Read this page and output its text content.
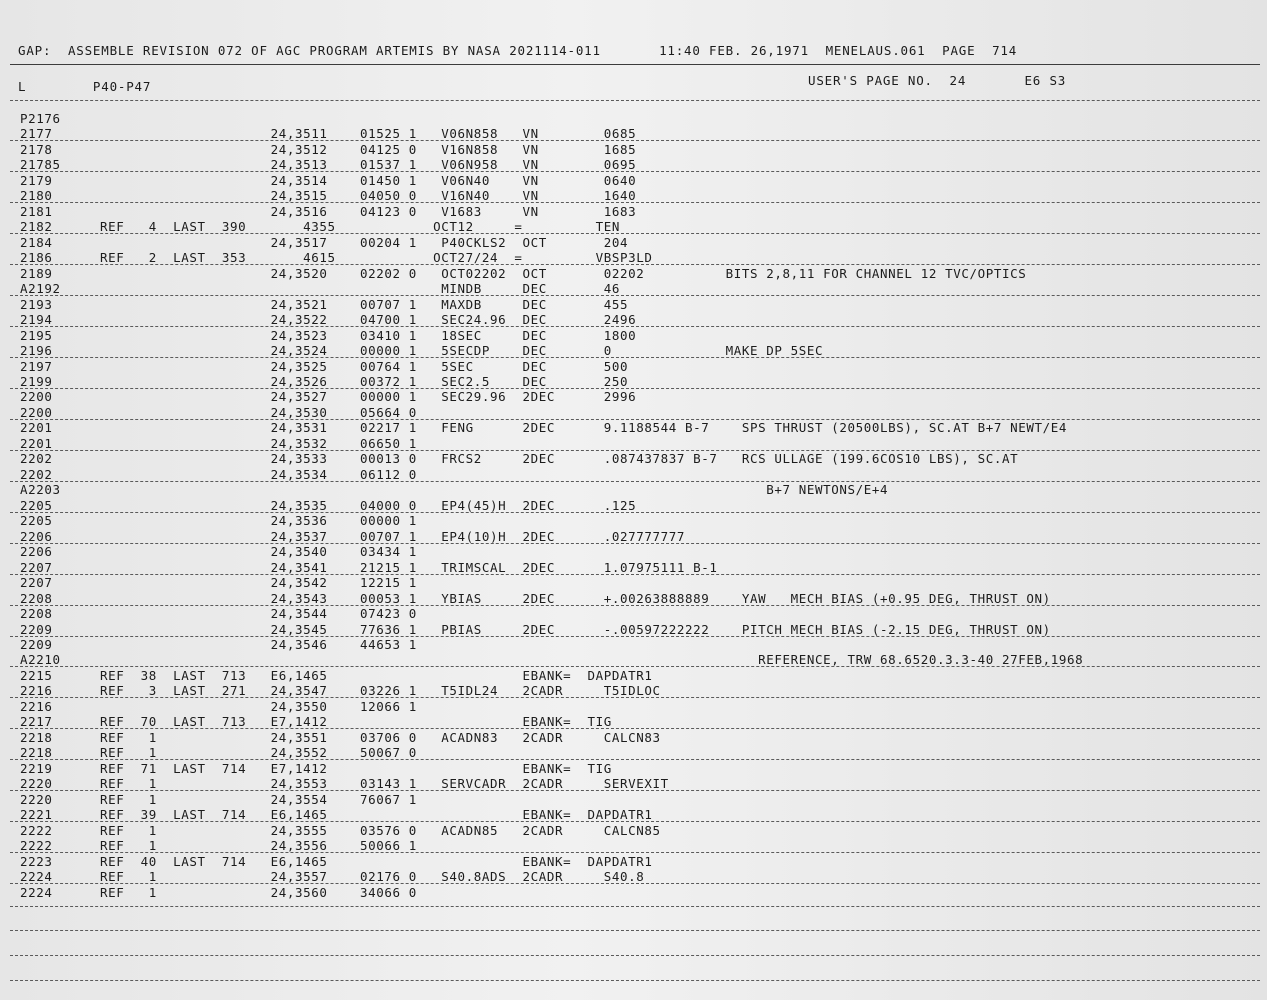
GAP:  ASSEMBLE REVISION 072 OF AGC PROGRAM ARTEMIS BY NASA 2021114-011       11:40 FEB. 26,1971  MENELAUS.061  PAGE  714
L        P40-P47	USER'S PAGE NO.  24       E6 S3
P2176
2177	24,3511    01525 1   V06N858   VN        0685
2178	24,3512    04125 0   V16N858   VN        1685
21785	24,3513    01537 1   V06N958   VN        0695
2179	24,3514    01450 1   V06N40    VN        0640
2180	24,3515    04050 0   V16N40    VN        1640
2181	24,3516    04123 0   V1683     VN        1683
2182	REF   4  LAST  390       4355            OCT12     =         TEN
2184	24,3517    00204 1   P40CKLS2  OCT       204
2186	REF   2  LAST  353       4615            OCT27/24  =         VBSP3LD
2189	24,3520    02202 0   OCT02202  OCT       02202          BITS 2,8,11 FOR CHANNEL 12 TVC/OPTICS
A2192	MINDB     DEC       46
2193	24,3521    00707 1   MAXDB     DEC       455
2194	24,3522    04700 1   SEC24.96  DEC       2496
2195	24,3523    03410 1   18SEC     DEC       1800
2196	24,3524    00000 1   5SECDP    DEC       0              MAKE DP 5SEC
2197	24,3525    00764 1   5SEC      DEC       500
2199	24,3526    00372 1   SEC2.5    DEC       250
2200	24,3527    00000 1   SEC29.96  2DEC      2996
2200	24,3530    05664 0
2201	24,3531    02217 1   FENG      2DEC      9.1188544 B-7    SPS THRUST (20500LBS), SC.AT B+7 NEWT/E4
2201	24,3532    06650 1
2202	24,3533    00013 0   FRCS2     2DEC      .087437837 B-7   RCS ULLAGE (199.6COS10 LBS), SC.AT
2202	24,3534    06112 0
A2203	B+7 NEWTONS/E+4
2205	24,3535    04000 0   EP4(45)H  2DEC      .125
2205	24,3536    00000 1
2206	24,3537    00707 1   EP4(10)H  2DEC      .027777777
2206	24,3540    03434 1
2207	24,3541    21215 1   TRIMSCAL  2DEC      1.07975111 B-1
2207	24,3542    12215 1
2208	24,3543    00053 1   YBIAS     2DEC      +.00263888889    YAW   MECH BIAS (+0.95 DEG, THRUST ON)
2208	24,3544    07423 0
2209	24,3545    77636 1   PBIAS     2DEC      -.00597222222    PITCH MECH BIAS (-2.15 DEG, THRUST ON)
2209	24,3546    44653 1
A2210	REFERENCE, TRW 68.6520.3.3-40 27FEB,1968
2215	REF  38  LAST  713   E6,1465                        EBANK=  DAPDATR1
2216	REF   3  LAST  271   24,3547    03226 1   T5IDL24   2CADR     T5IDLOC
2216	24,3550    12066 1
2217	REF  70  LAST  713   E7,1412                        EBANK=  TIG
2218	REF   1              24,3551    03706 0   ACADN83   2CADR     CALCN83
2218	REF   1              24,3552    50067 0
2219	REF  71  LAST  714   E7,1412                        EBANK=  TIG
2220	REF   1              24,3553    03143 1   SERVCADR  2CADR     SERVEXIT
2220	REF   1              24,3554    76067 1
2221	REF  39  LAST  714   E6,1465                        EBANK=  DAPDATR1
2222	REF   1              24,3555    03576 0   ACADN85   2CADR     CALCN85
2222	REF   1              24,3556    50066 1
2223	REF  40  LAST  714   E6,1465                        EBANK=  DAPDATR1
2224	REF   1              24,3557    02176 0   S40.8ADS  2CADR     S40.8
2224	REF   1              24,3560    34066 0
